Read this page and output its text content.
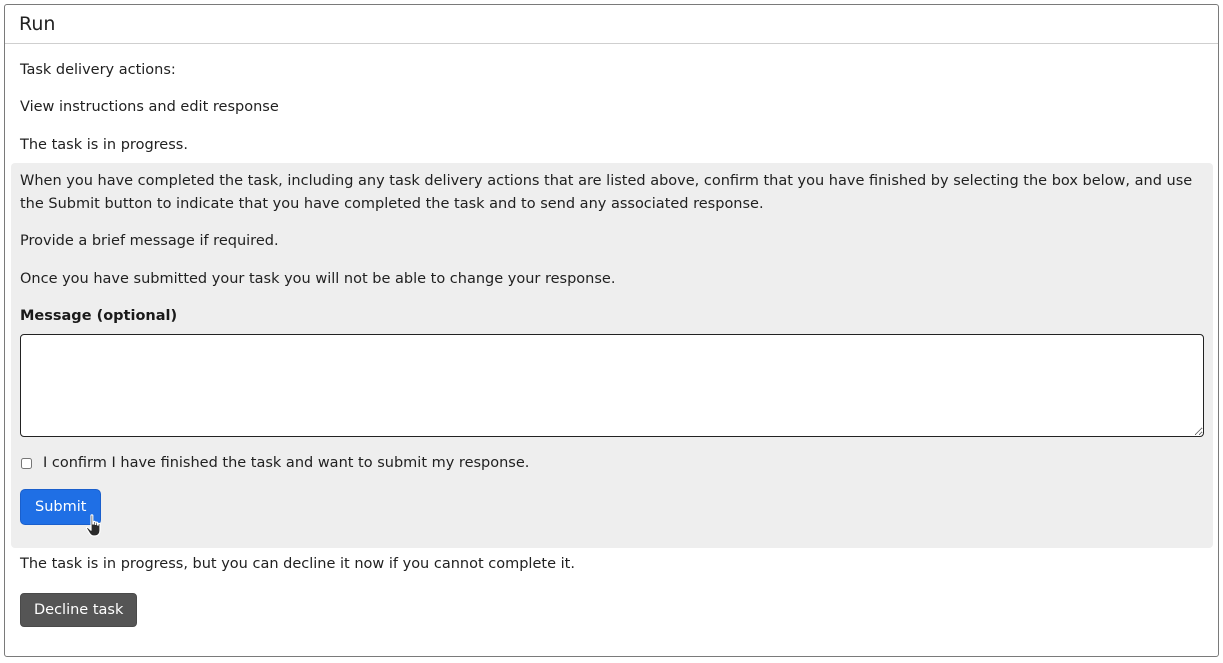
Run
Task delivery actions:
View instructions and edit response
The task is in progress.

When you have completed the task, including any task delivery actions that are listed above, confirm that you have finished by selecting the box below, and use the Submit button to indicate that you have completed the task and to send any associated response.

Provide a brief message if required.

Once you have submitted your task you will not be able to change your response.

Message (optional)
I confirm I have finished the task and want to submit my response.
Submit
The task is in progress, but you can decline it now if you cannot complete it.
Decline task
